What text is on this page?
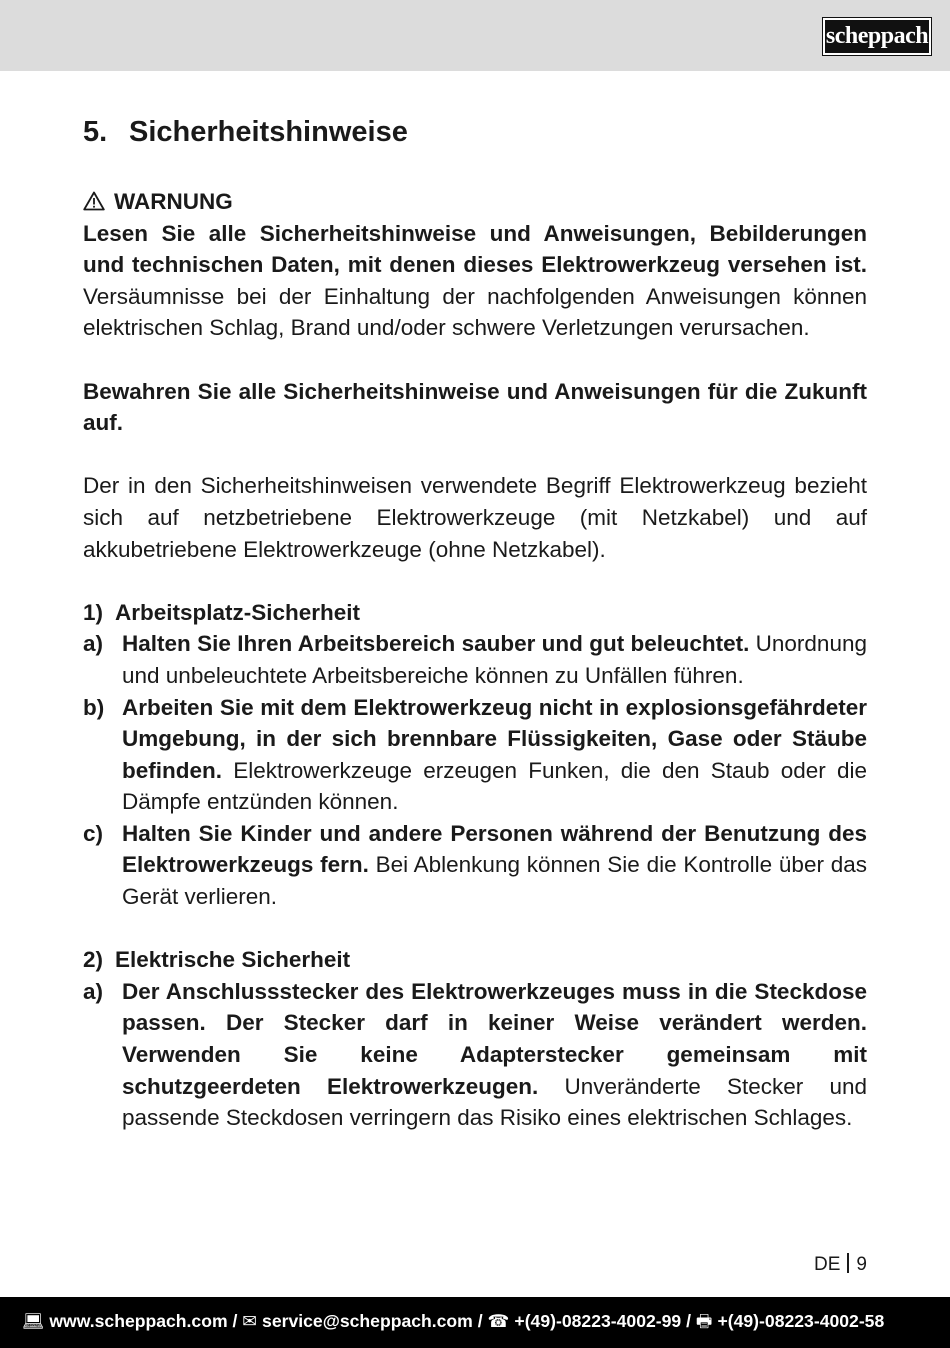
scheppach
5. Sicherheitshinweise
WARNUNG

Lesen Sie alle Sicherheitshinweise und Anweisungen, Bebilderungen und technischen Daten, mit denen dieses Elektrowerkzeug versehen ist. Versäumnisse bei der Einhaltung der nachfolgenden Anweisungen können elektrischen Schlag, Brand und/oder schwere Verletzungen verursachen.

Bewahren Sie alle Sicherheitshinweise und Anweisungen für die Zukunft auf.

Der in den Sicherheitshinweisen verwendete Begriff Elektrowerkzeug bezieht sich auf netzbetriebene Elektrowerkzeuge (mit Netzkabel) und auf akkubetriebene Elektrowerkzeuge (ohne Netzkabel).

1) Arbeitsplatz-Sicherheit
a) Halten Sie Ihren Arbeitsbereich sauber und gut beleuchtet. Unordnung und unbeleuchtete Arbeitsbereiche können zu Unfällen führen.
b) Arbeiten Sie mit dem Elektrowerkzeug nicht in explosionsgefährdeter Umgebung, in der sich brennbare Flüssigkeiten, Gase oder Stäube befinden. Elektrowerkzeuge erzeugen Funken, die den Staub oder die Dämpfe entzünden können.
c) Halten Sie Kinder und andere Personen während der Benutzung des Elektrowerkzeugs fern. Bei Ablenkung können Sie die Kontrolle über das Gerät verlieren.
2) Elektrische Sicherheit
a) Der Anschlussstecker des Elektrowerkzeuges muss in die Steckdose passen. Der Stecker darf in keiner Weise verändert werden. Verwenden Sie keine Adapterstecker gemeinsam mit schutzgeerdeten Elektrowerkzeugen. Unveränderte Stecker und passende Steckdosen verringern das Risiko eines elektrischen Schlages.
DE 9
💻︎ www.scheppach.com / ✉︎ service@scheppach.com / ☎︎ +(49)-08223-4002-99 / 🖶︎ +(49)-08223-4002-58
